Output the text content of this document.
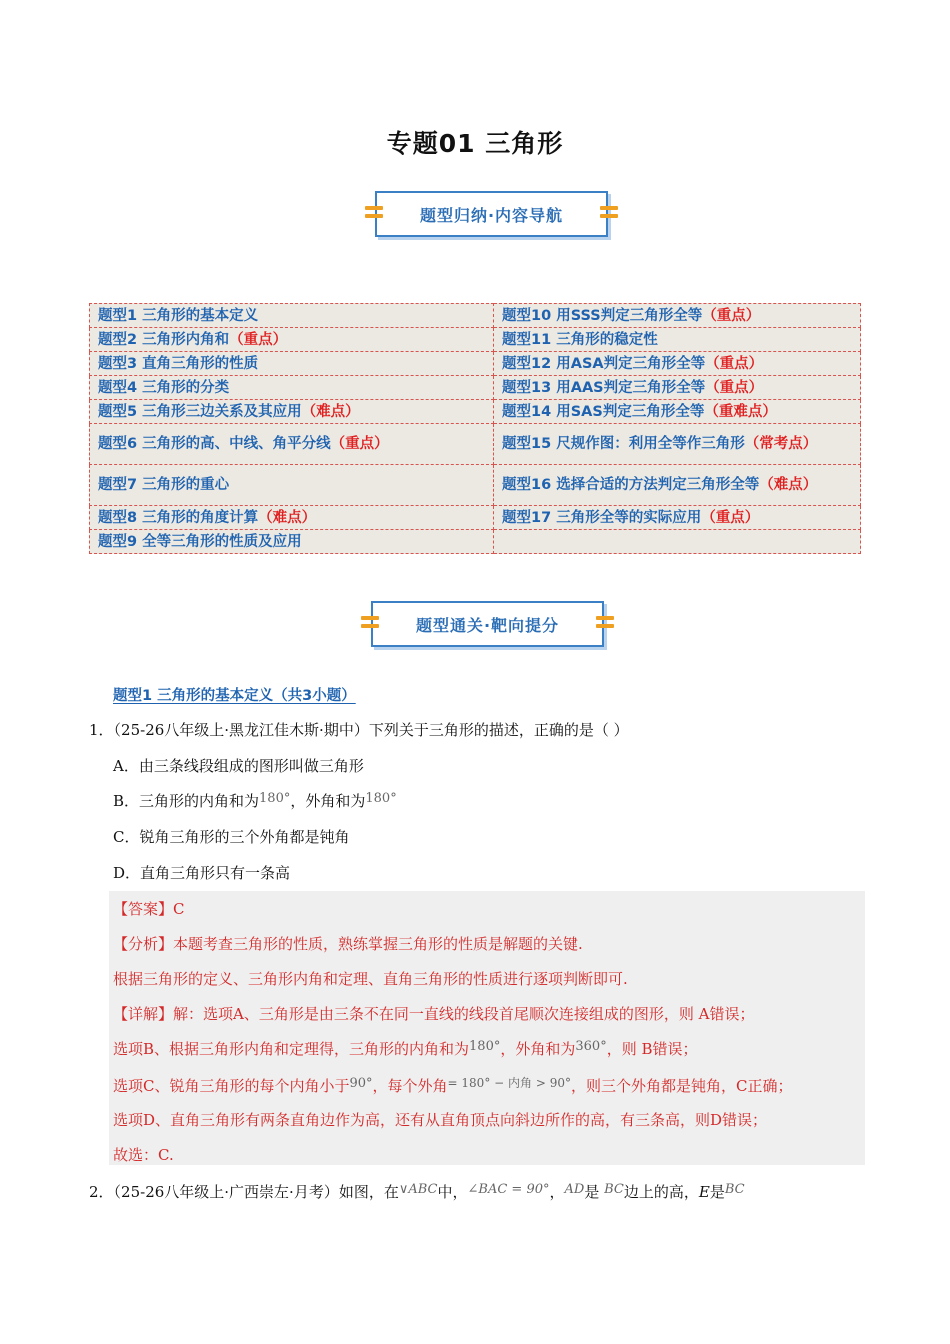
专题01 三角形
题型归纳·内容导航
题型1 三角形的基本定义	题型10 用SSS判定三角形全等（重点）
题型2 三角形内角和（重点）	题型11 三角形的稳定性
题型3 直角三角形的性质	题型12 用ASA判定三角形全等（重点）
题型4 三角形的分类	题型13 用AAS判定三角形全等（重点）
题型5 三角形三边关系及其应用（难点）	题型14 用SAS判定三角形全等（重难点）
题型6 三角形的高、中线、角平分线（重点）	题型15 尺规作图：利用全等作三角形（常考点）
题型7 三角形的重心	题型16 选择合适的方法判定三角形全等（难点）
题型8 三角形的角度计算（难点）	题型17 三角形全等的实际应用（重点）
题型9 全等三角形的性质及应用	
题型通关·靶向提分
题型1 三角形的基本定义（共3小题）
1．（25-26八年级上·黑龙江佳木斯·期中）下列关于三角形的描述，正确的是（ ）
A．由三条线段组成的图形叫做三角形
B．三角形的内角和为180°，外角和为180°
C．锐角三角形的三个外角都是钝角
D．直角三角形只有一条高
【答案】C
【分析】本题考查三角形的性质，熟练掌握三角形的性质是解题的关键.
根据三角形的定义、三角形内角和定理、直角三角形的性质进行逐项判断即可.
【详解】解：选项A、三角形是由三条不在同一直线的线段首尾顺次连接组成的图形，则 A错误；
选项B、根据三角形内角和定理得，三角形的内角和为180°，外角和为360°，则 B错误；
选项C、锐角三角形的每个内角小于90°，每个外角$^{= 180^\circ - 内角 > 90^\circ}$，则三个外角都是钝角，C正确；
选项D、直角三角形有两条直角边作为高，还有从直角顶点向斜边所作的高，有三条高，则D错误；
故选：C.
2．（25-26八年级上·广西崇左·月考）如图，在∨ABC中，∠BAC = 90°，AD是 BC边上的高，E是BC
